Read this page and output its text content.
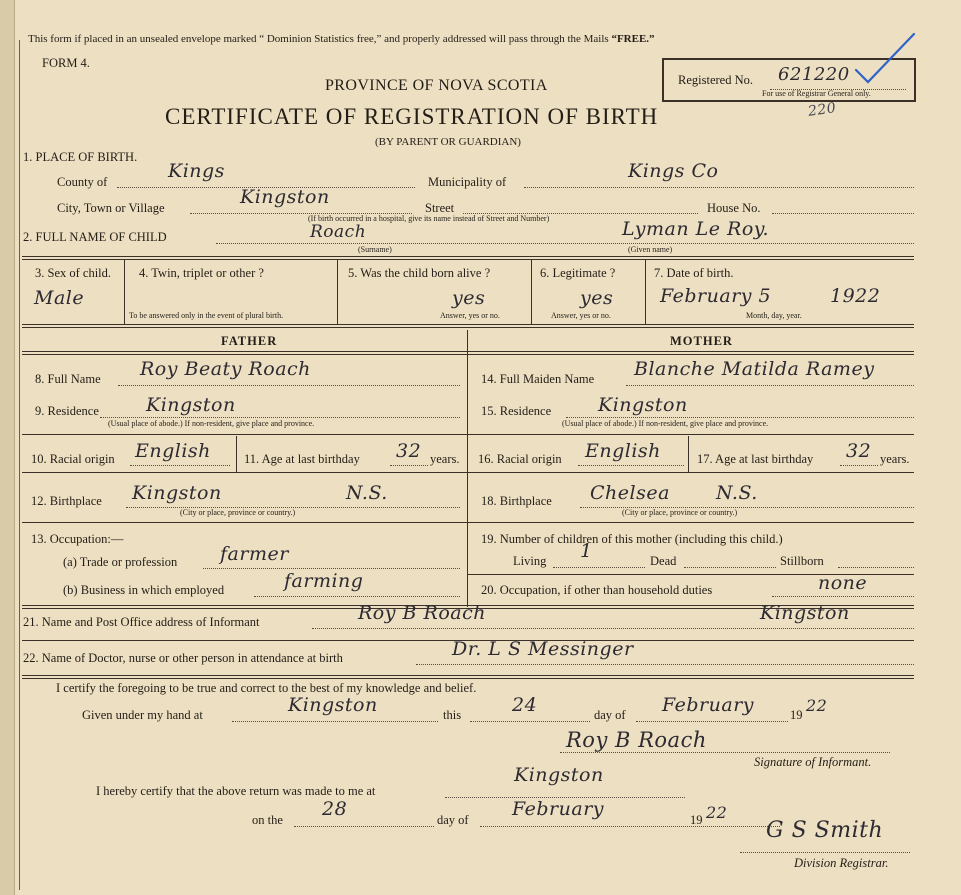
This form if placed in an unsealed envelope marked “ Dominion Statistics free,” and properly addressed will pass through the Mails “FREE.”
FORM 4.
Registered No. 621220
For use of Registrar General only.
220
PROVINCE OF NOVA SCOTIA
CERTIFICATE OF REGISTRATION OF BIRTH
(BY PARENT OR GUARDIAN)
1. PLACE OF BIRTH.
County of	Kings	Municipality of	Kings Co
City, Town or Village	Kingston	Street	House No.
(If birth occurred in a hospital, give its name instead of Street and Number)
2. FULL NAME OF CHILD	Roach
(Surname)
Lyman Le Roy.
(Given name)
3. Sex of child.
Male
4. Twin, triplet or other ?
To be answered only in the event of plural birth.
5. Was the child born alive ?
yes
Answer, yes or no.
6. Legitimate ?
yes
Answer, yes or no.
7. Date of birth.
February 5	1922
Month, day, year.
FATHER	MOTHER
8. Full Name Roy Beaty Roach
9. Residence Kingston
(Usual place of abode.) If non-resident, give place and province.
10. Racial origin English	11. Age at last birthday 32 years.
12. Birthplace Kingston	N.S.
(City or place, province or country.)
13. Occupation:—
(a) Trade or profession farmer
(b) Business in which employed	farming
14. Full Maiden Name Blanche Matilda Ramey
15. Residence Kingston
(Usual place of abode.) If non-resident, give place and province.
16. Racial origin English	17. Age at last birthday 32 years.
18. Birthplace Chelsea N.S.
(City or place, province or country.)
19. Number of children of this mother (including this child.)
Living 1	Dead	Stillborn
20. Occupation, if other than household duties	none
21. Name and Post Office address of Informant	Roy B Roach	Kingston
22. Name of Doctor, nurse or other person in attendance at birth	Dr. L S Messinger
I certify the foregoing to be true and correct to the best of my knowledge and belief.
Given under my hand at	Kingston	this	24	day of February	19 22
Roy B Roach
Signature of Informant.
I hereby certify that the above return was made to me at
Kingston
on the 28	day of February	19 22
G S Smith
Division Registrar.
